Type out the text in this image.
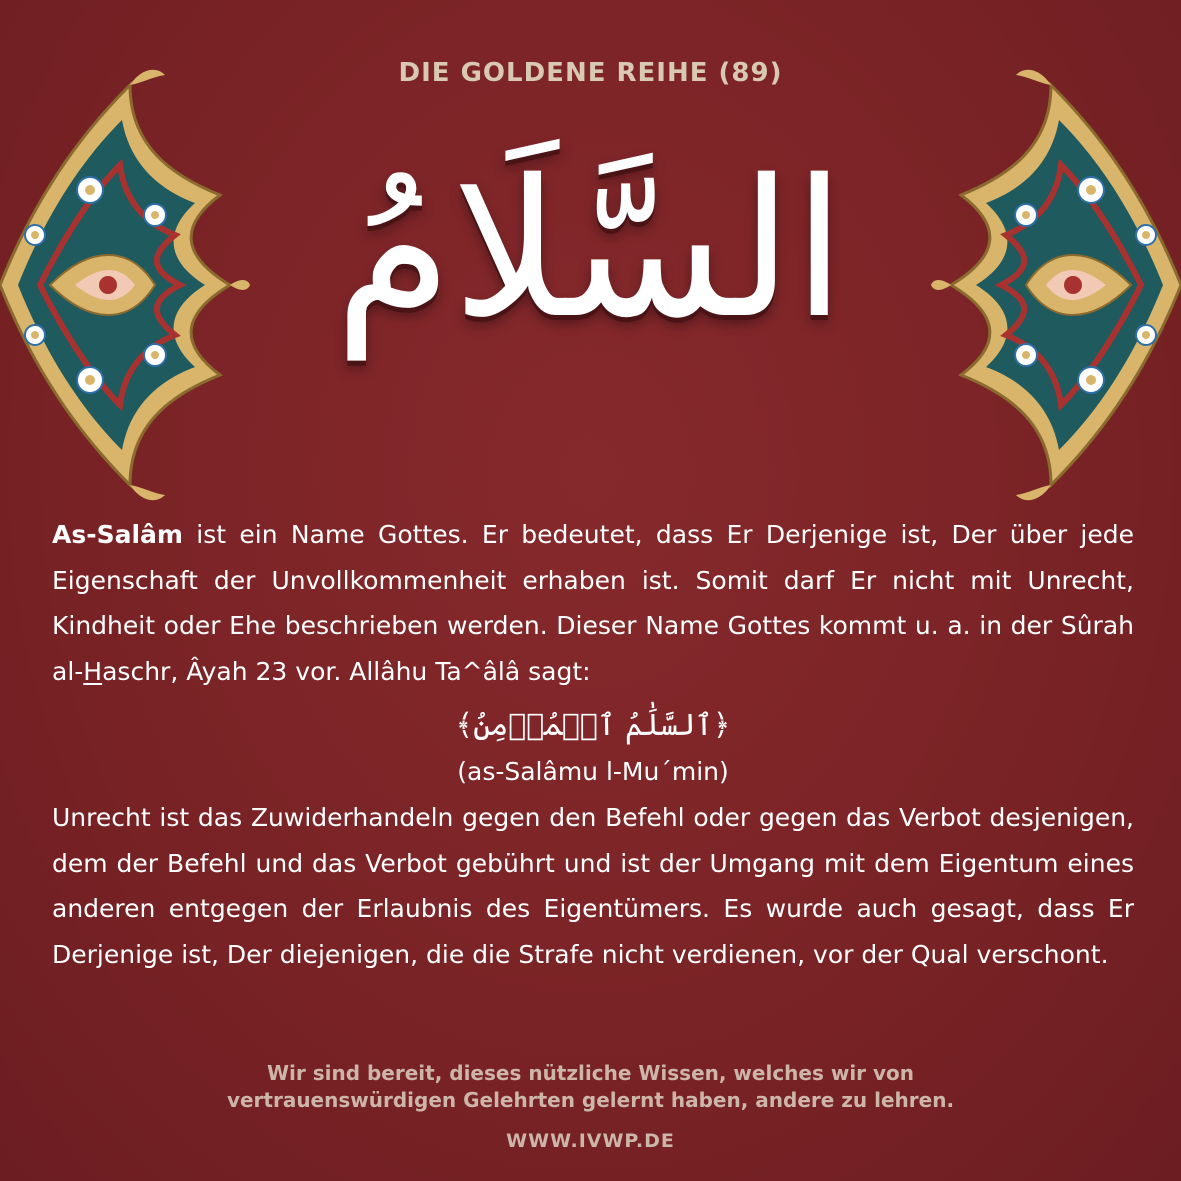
DIE GOLDENE REIHE (89)
السَّلَامُ

As-Salâm ist ein Name Gottes. Er bedeutet, dass Er Derjenige ist, Der über jede Eigenschaft der Unvollkommenheit erhaben ist. Somit darf Er nicht mit Unrecht, Kindheit oder Ehe beschrieben werden. Dieser Name Gottes kommt u. a. in der Sûrah al-Haschr, Âyah 23 vor. Allâhu Ta^âlâ sagt:

﴿ٱلسَّلَٰمُ ٱلۡمُؤۡمِنُ﴾
(as-Salâmu l-Mu´min)

Unrecht ist das Zuwiderhandeln gegen den Befehl oder gegen das Verbot desjenigen, dem der Befehl und das Verbot gebührt und ist der Umgang mit dem Eigentum eines anderen entgegen der Erlaubnis des Eigentümers. Es wurde auch gesagt, dass Er Derjenige ist, Der diejenigen, die die Strafe nicht verdienen, vor der Qual verschont.

Wir sind bereit, dieses nützliche Wissen, welches wir von
vertrauenswürdigen Gelehrten gelernt haben, andere zu lehren.
WWW.IVWP.DE
